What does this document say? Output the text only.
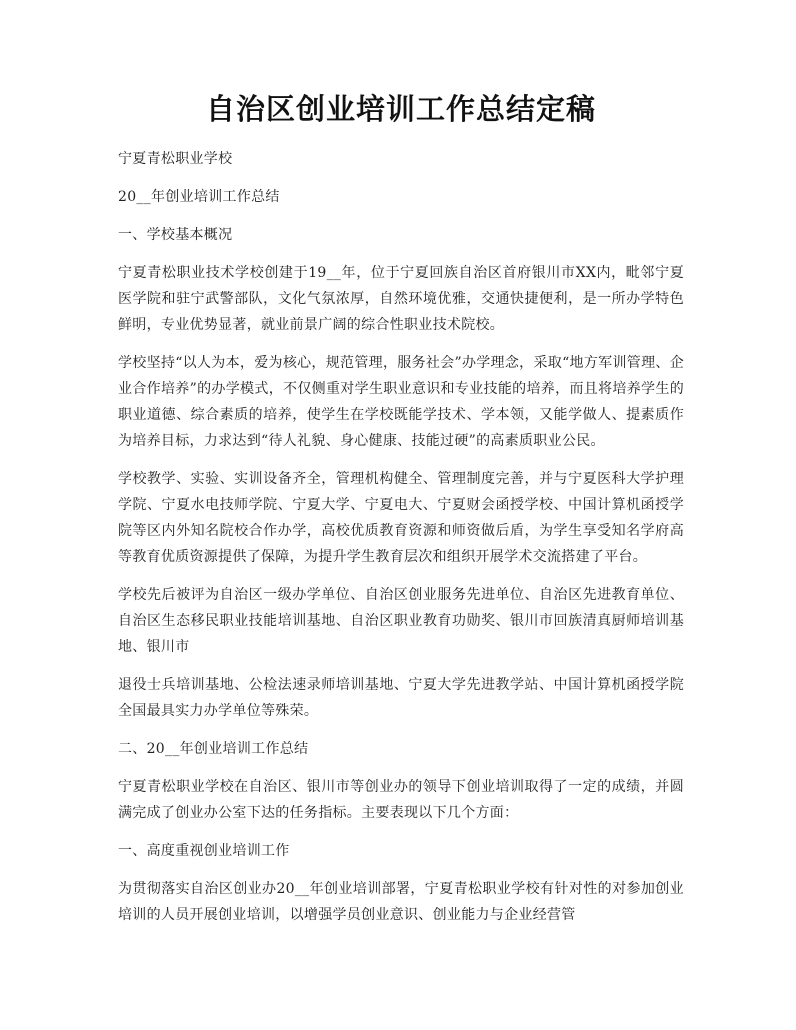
自治区创业培训工作总结定稿

宁夏青松职业学校

20__年创业培训工作总结

一、学校基本概况

宁夏青松职业技术学校创建于19__年，位于宁夏回族自治区首府银川市XX内，毗邻宁夏医学院和驻宁武警部队，文化气氛浓厚，自然环境优雅，交通快捷便利，是一所办学特色鲜明，专业优势显著，就业前景广阔的综合性职业技术院校。

学校坚持“以人为本，爱为核心，规范管理，服务社会”办学理念，采取“地方军训管理、企业合作培养”的办学模式，不仅侧重对学生职业意识和专业技能的培养，而且将培养学生的职业道德、综合素质的培养，使学生在学校既能学技术、学本领，又能学做人、提素质作为培养目标，力求达到“待人礼貌、身心健康、技能过硬”的高素质职业公民。

学校教学、实验、实训设备齐全，管理机构健全、管理制度完善，并与宁夏医科大学护理学院、宁夏水电技师学院、宁夏大学、宁夏电大、宁夏财会函授学校、中国计算机函授学院等区内外知名院校合作办学，高校优质教育资源和师资做后盾，为学生享受知名学府高等教育优质资源提供了保障，为提升学生教育层次和组织开展学术交流搭建了平台。

学校先后被评为自治区一级办学单位、自治区创业服务先进单位、自治区先进教育单位、自治区生态移民职业技能培训基地、自治区职业教育功勋奖、银川市回族清真厨师培训基地、银川市

退役士兵培训基地、公检法速录师培训基地、宁夏大学先进教学站、中国计算机函授学院全国最具实力办学单位等殊荣。

二、20__年创业培训工作总结

宁夏青松职业学校在自治区、银川市等创业办的领导下创业培训取得了一定的成绩，并圆满完成了创业办公室下达的任务指标。主要表现以下几个方面：

一、高度重视创业培训工作

为贯彻落实自治区创业办20__年创业培训部署，宁夏青松职业学校有针对性的对参加创业培训的人员开展创业培训，以增强学员创业意识、创业能力与企业经营管
